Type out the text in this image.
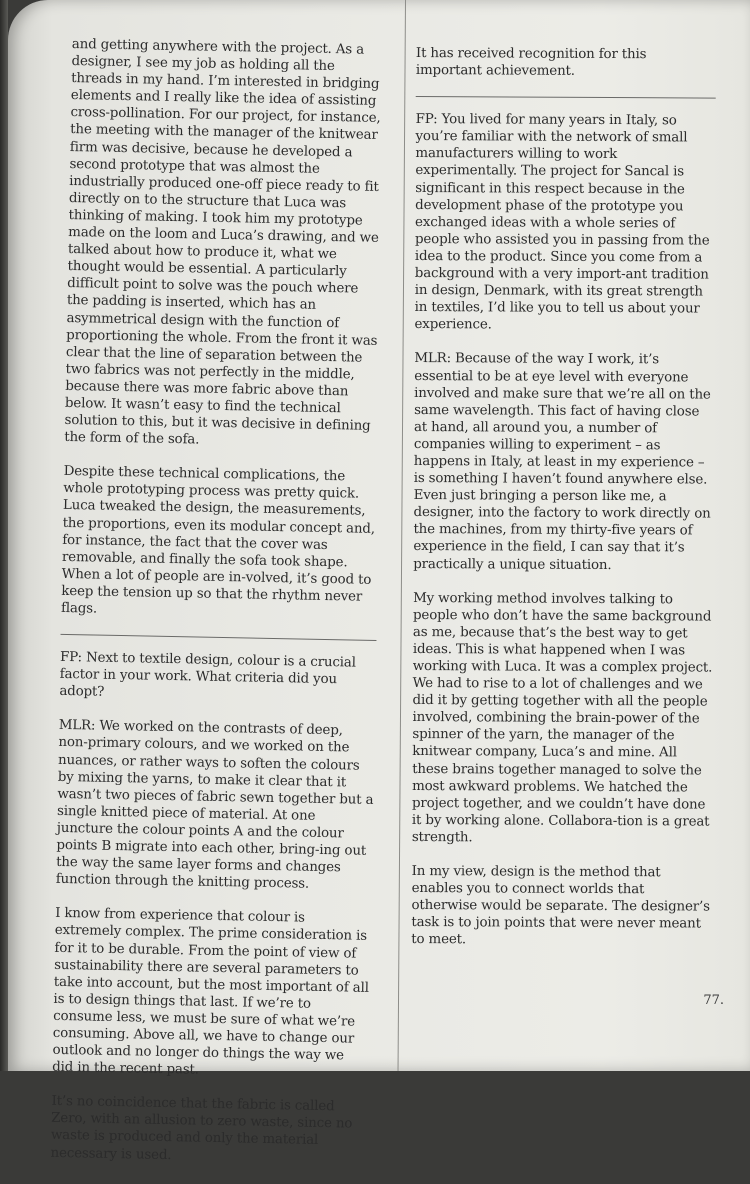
and getting anywhere with the project. As a designer, I see my job as holding all the threads in my hand. I’m interested in bridging elements and I really like the idea of assisting cross-pollination. For our project, for instance, the meeting with the manager of the knitwear firm was decisive, because he developed a second prototype that was almost the industrially produced one-off piece ready to fit directly on to the structure that Luca was thinking of making. I took him my prototype made on the loom and Luca’s drawing, and we talked about how to produce it, what we thought would be essential. A particularly difficult point to solve was the pouch where the padding is inserted, which has an asymmetrical design with the function of proportioning the whole. From the front it was clear that the line of separation between the two fabrics was not perfectly in the middle, because there was more fabric above than below. It wasn’t easy to find the technical solution to this, but it was decisive in defining the form of the sofa.

Despite these technical complications, the whole prototyping process was pretty quick. Luca tweaked the design, the measurements, the proportions, even its modular concept and, for instance, the fact that the cover was removable, and finally the sofa took shape. When a lot of people are in-volved, it’s good to keep the tension up so that the rhythm never flags.

FP: Next to textile design, colour is a crucial factor in your work. What criteria did you adopt?

MLR: We worked on the contrasts of deep, non-primary colours, and we worked on the nuances, or rather ways to soften the colours by mixing the yarns, to make it clear that it wasn’t two pieces of fabric sewn together but a single knitted piece of material. At one juncture the colour points A and the colour points B migrate into each other, bring-ing out the way the same layer forms and changes function through the knitting process.

I know from experience that colour is extremely complex. The prime consideration is for it to be durable. From the point of view of sustainability there are several parameters to take into account, but the most important of all is to design things that last. If we’re to consume less, we must be sure of what we’re consuming. Above all, we have to change our outlook and no longer do things the way we did in the recent past.

It’s no coincidence that the fabric is called Zero, with an allusion to zero waste, since no waste is produced and only the material necessary is used.

It has received recognition for this important achievement.

FP: You lived for many years in Italy, so you’re familiar with the network of small manufacturers willing to work experimentally. The project for Sancal is significant in this respect because in the development phase of the prototype you exchanged ideas with a whole series of people who assisted you in passing from the idea to the product. Since you come from a background with a very import-ant tradition in design, Denmark, with its great strength in textiles, I’d like you to tell us about your experience.

MLR: Because of the way I work, it’s essential to be at eye level with everyone involved and make sure that we’re all on the same wavelength. This fact of having close at hand, all around you, a number of companies willing to experiment – as happens in Italy, at least in my experience – is something I haven’t found anywhere else. Even just bringing a person like me, a designer, into the factory to work directly on the machines, from my thirty-five years of experience in the field, I can say that it’s practically a unique situation.

My working method involves talking to people who don’t have the same background as me, because that’s the best way to get ideas. This is what happened when I was working with Luca. It was a complex project. We had to rise to a lot of challenges and we did it by getting together with all the people involved, combining the brain-power of the spinner of the yarn, the manager of the knitwear company, Luca’s and mine. All these brains together managed to solve the most awkward problems. We hatched the project together, and we couldn’t have done it by working alone. Collabora-tion is a great strength.

In my view, design is the method that enables you to connect worlds that otherwise would be separate. The designer’s task is to join points that were never meant to meet.

77.
